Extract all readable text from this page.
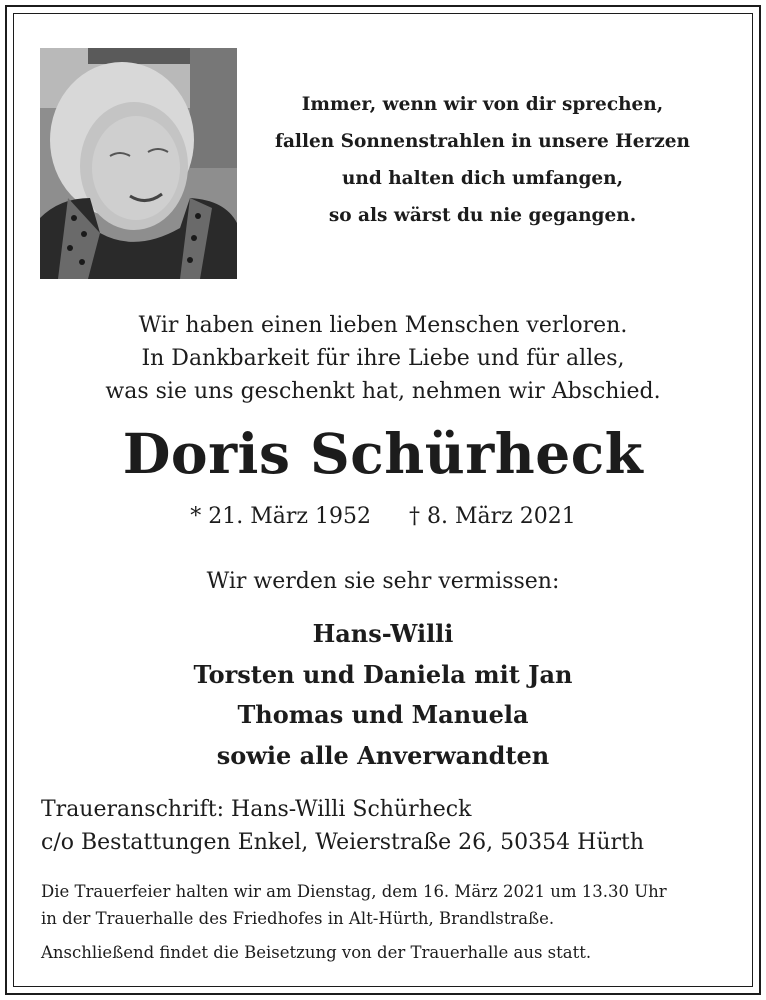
Immer, wenn wir von dir sprechen,
fallen Sonnenstrahlen in unsere Herzen
und halten dich umfangen,
so als wärst du nie gegangen.
Wir haben einen lieben Menschen verloren.
In Dankbarkeit für ihre Liebe und für alles,
was sie uns geschenkt hat, nehmen wir Abschied.
Doris Schürheck
* 21. März 1952 † 8. März 2021
Wir werden sie sehr vermissen:
Hans-Willi
Torsten und Daniela mit Jan
Thomas und Manuela
sowie alle Anverwandten
Traueranschrift: Hans-Willi Schürheck
c/o Bestattungen Enkel, Weierstraße 26, 50354 Hürth
Die Trauerfeier halten wir am Dienstag, dem 16. März 2021 um 13.30 Uhr
in der Trauerhalle des Friedhofes in Alt-Hürth, Brandlstraße.
Anschließend findet die Beisetzung von der Trauerhalle aus statt.
